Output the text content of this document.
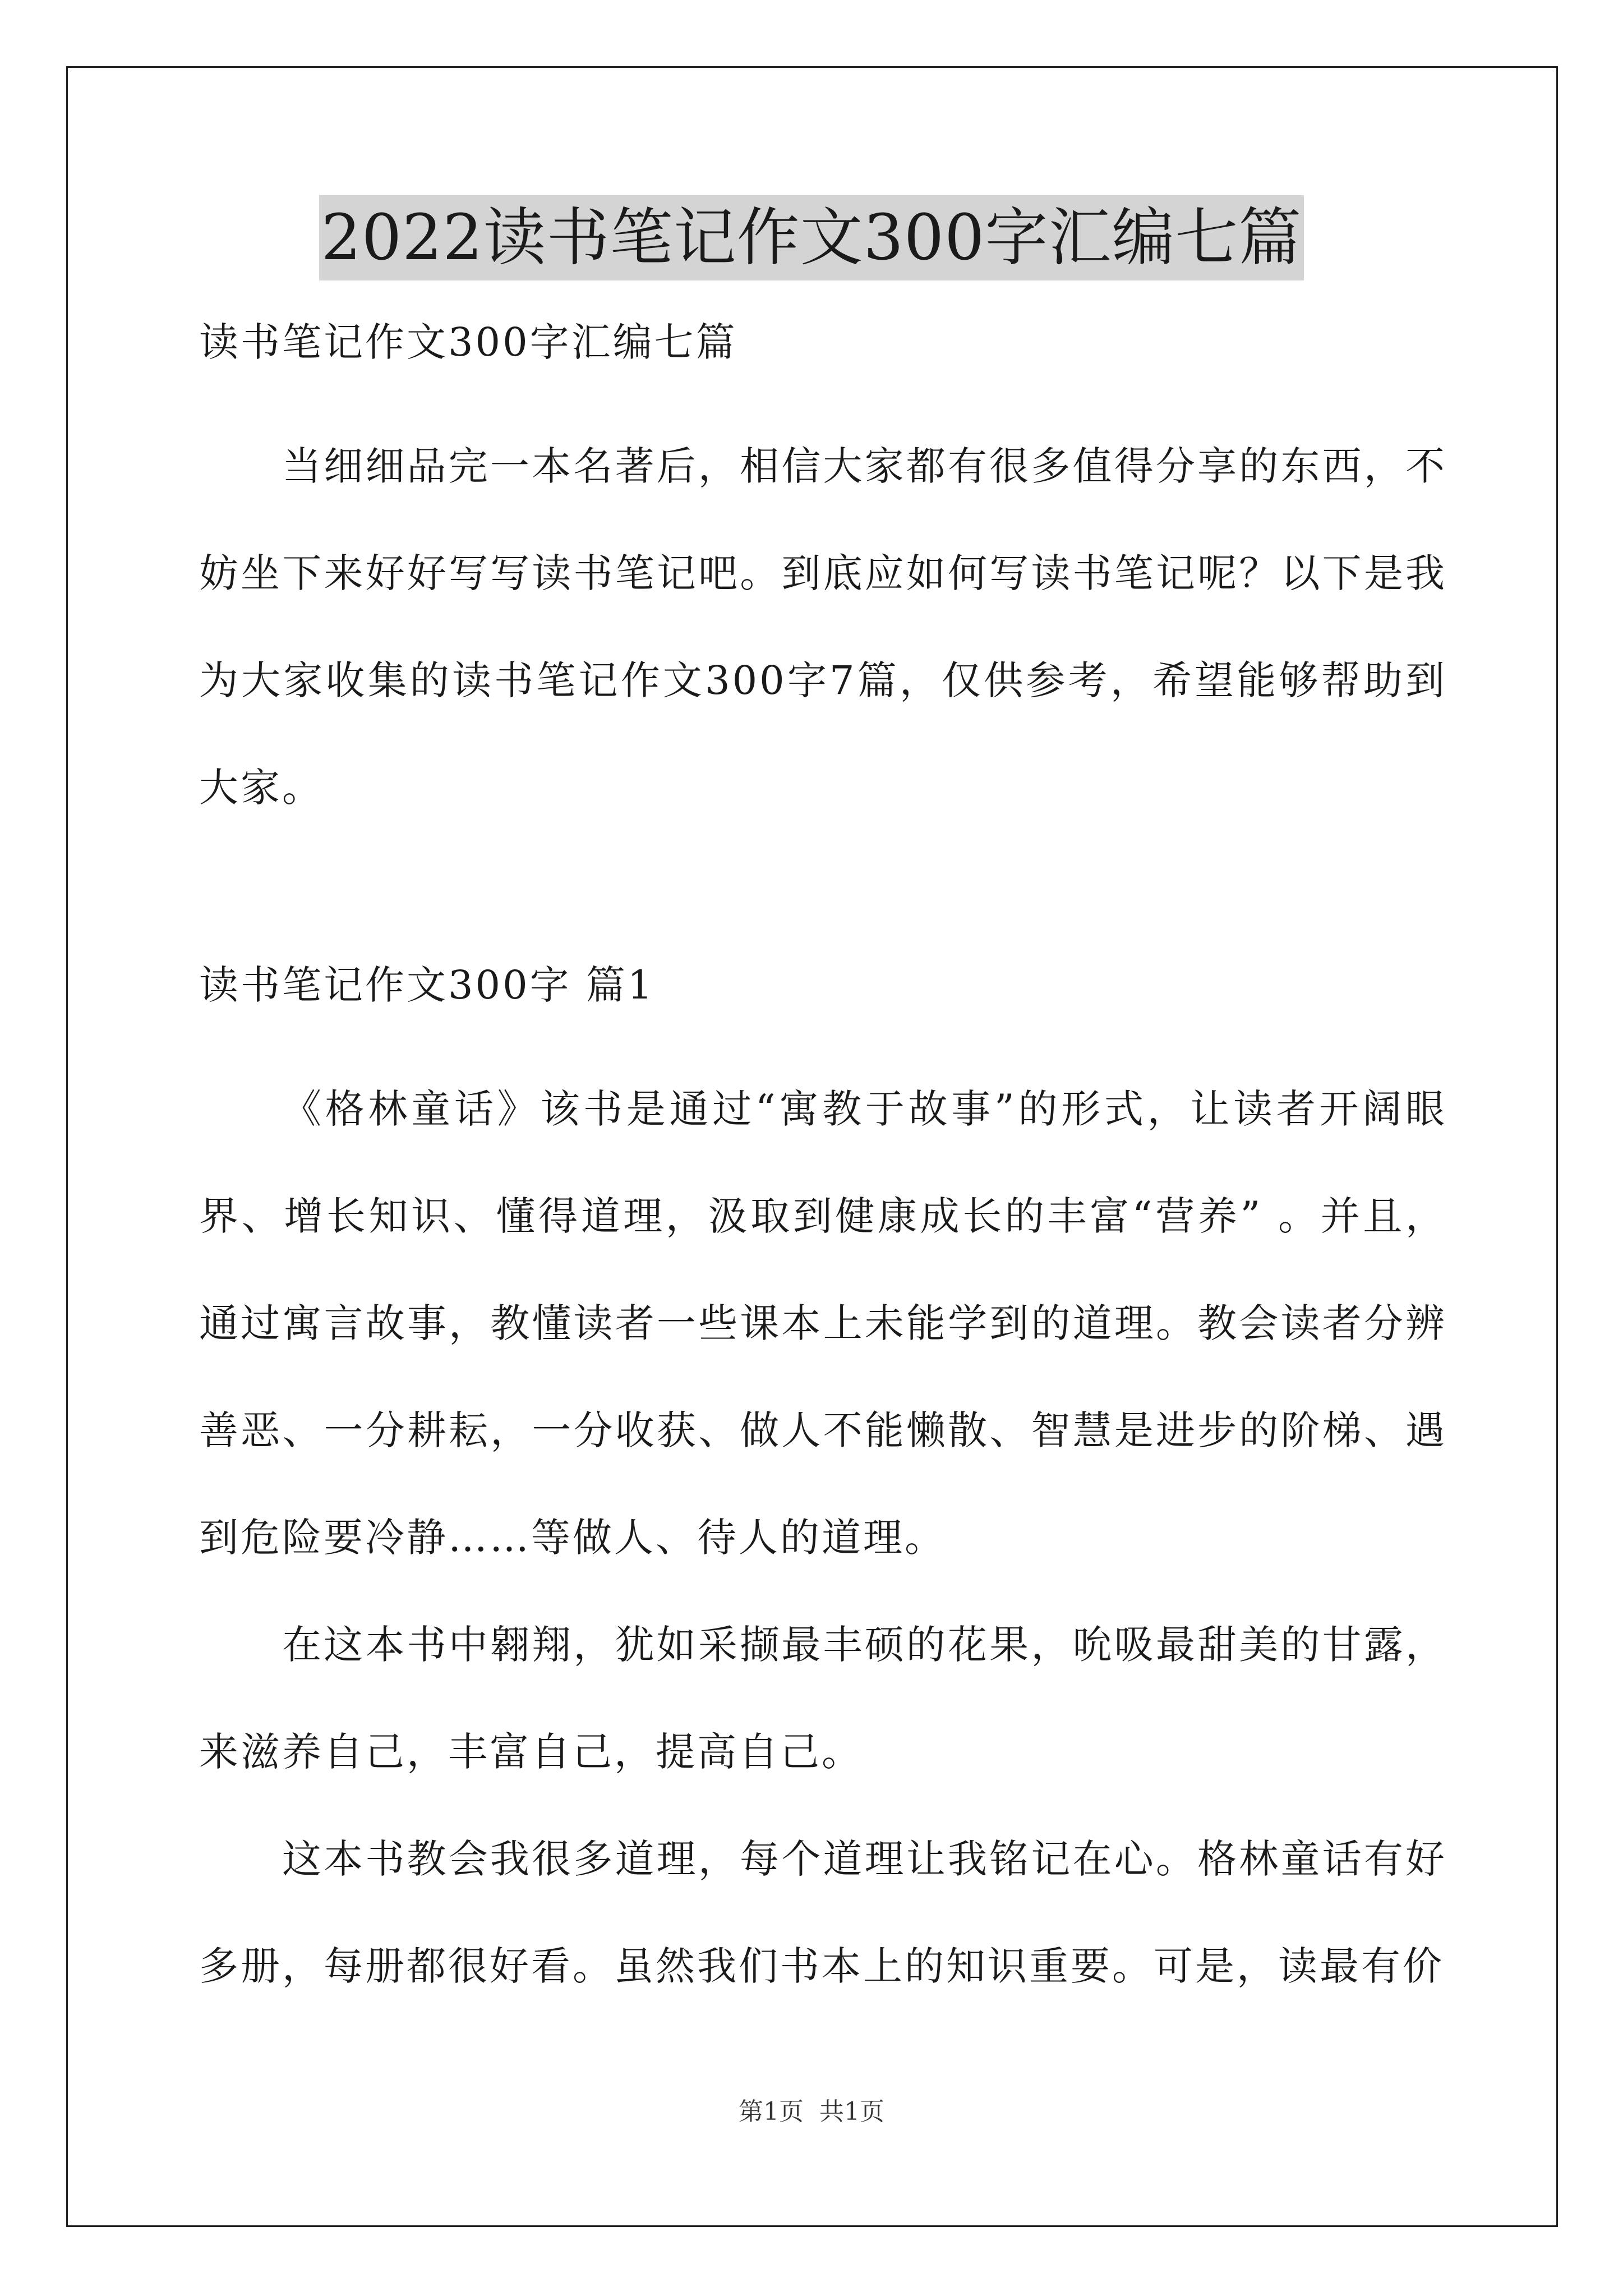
2022读书笔记作文300字汇编七篇
读书笔记作文300字汇编七篇

当细细品完一本名著后，相信大家都有很多值得分享的东西，不妨坐下来好好写写读书笔记吧。到底应如何写读书笔记呢？以下是我为大家收集的读书笔记作文300字7篇，仅供参考，希望能够帮助到大家。

读书笔记作文300字 篇1

《格林童话》该书是通过“寓教于故事”的形式，让读者开阔眼界、增长知识、懂得道理，汲取到健康成长的丰富“营养” 。并且，通过寓言故事，教懂读者一些课本上未能学到的道理。教会读者分辨善恶、一分耕耘，一分收获、做人不能懒散、智慧是进步的阶梯、遇到危险要冷静……等做人、待人的道理。

在这本书中翱翔，犹如采撷最丰硕的花果，吮吸最甜美的甘露，来滋养自己，丰富自己，提高自己。

这本书教会我很多道理，每个道理让我铭记在心。格林童话有好多册，每册都很好看。虽然我们书本上的知识重要。可是，读最有价

第1页 共1页
